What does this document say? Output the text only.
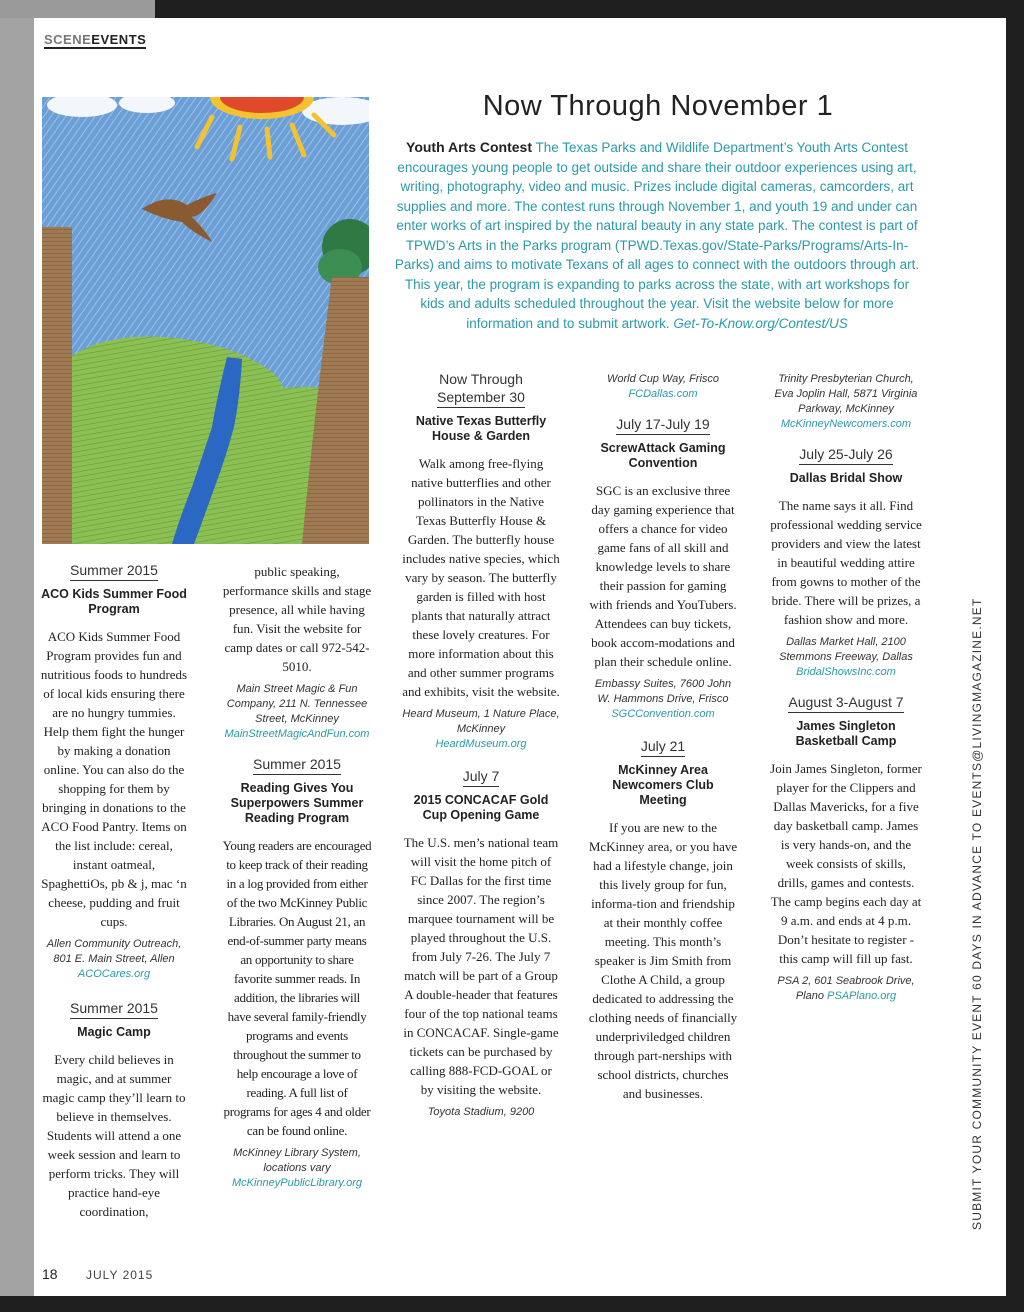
SCENEEVENTS
Now Through November 1
Youth Arts Contest The Texas Parks and Wildlife Department’s Youth Arts Contest encourages young people to get outside and share their outdoor experiences using art, writing, photography, video and music. Prizes include digital cameras, camcorders, art supplies and more. The contest runs through November 1, and youth 19 and under can enter works of art inspired by the natural beauty in any state park. The contest is part of TPWD’s Arts in the Parks program (TPWD.Texas.gov/State-Parks/Programs/Arts-In-Parks) and aims to motivate Texans of all ages to connect with the outdoors through art. This year, the program is expanding to parks across the state, with art workshops for kids and adults scheduled throughout the year. Visit the website below for more information and to submit artwork. Get-To-Know.org/Contest/US
Summer 2015
ACO Kids Summer Food Program
ACO Kids Summer Food Program provides fun and nutritious foods to hundreds of local kids ensuring there are no hungry tummies. Help them fight the hunger by making a donation online. You can also do the shopping for them by bringing in donations to the ACO Food Pantry. Items on the list include: cereal, instant oatmeal, SpaghettiOs, pb & j, mac ‘n cheese, pudding and fruit cups.
Allen Community Outreach, 801 E. Main Street, Allen ACOCares.org
Summer 2015
Magic Camp
Every child believes in magic, and at summer magic camp they’ll learn to believe in themselves. Students will attend a one week session and learn to perform tricks. They will practice hand-eye coordination,
public speaking, performance skills and stage presence, all while having fun. Visit the website for camp dates or call 972-542-5010.
Main Street Magic & Fun Company, 211 N. Tennessee Street, McKinney
MainStreetMagicAndFun.com
Summer 2015
Reading Gives You Superpowers Summer Reading Program
Young readers are encouraged to keep track of their reading in a log provided from either of the two McKinney Public Libraries. On August 21, an end-of-summer party means an opportunity to share favorite summer reads. In addition, the libraries will have several family-friendly programs and events throughout the summer to help encourage a love of reading. A full list of programs for ages 4 and older can be found online.
McKinney Library System, locations vary
McKinneyPublicLibrary.org
Now Through
September 30
Native Texas Butterfly House & Garden
Walk among free-flying native butterflies and other pollinators in the Native Texas Butterfly House & Garden. The butterfly house includes native species, which vary by season. The butterfly garden is filled with host plants that naturally attract these lovely creatures. For more information about this and other summer programs and exhibits, visit the website.
Heard Museum, 1 Nature Place, McKinney
HeardMuseum.org
July 7
2015 CONCACAF Gold Cup Opening Game
The U.S. men’s national team will visit the home pitch of FC Dallas for the first time since 2007. The region’s marquee tournament will be played throughout the U.S. from July 7-26. The July 7 match will be part of a Group A double-header that features four of the top national teams in CONCACAF. Single-game tickets can be purchased by calling 888-FCD-GOAL or by visiting the website.
Toyota Stadium, 9200
World Cup Way, Frisco
FCDallas.com
July 17-July 19
ScrewAttack Gaming Convention
SGC is an exclusive three day gaming experience that offers a chance for video game fans of all skill and knowledge levels to share their passion for gaming with friends and YouTubers. Attendees can buy tickets, book accom-modations and plan their schedule online.
Embassy Suites, 7600 John W. Hammons Drive, Frisco
SGCConvention.com
July 21
McKinney Area Newcomers Club Meeting
If you are new to the McKinney area, or you have had a lifestyle change, join this lively group for fun, informa-tion and friendship at their monthly coffee meeting. This month’s speaker is Jim Smith from Clothe A Child, a group dedicated to addressing the clothing needs of financially underpriviledged children through part-nerships with school districts, churches and businesses.
Trinity Presbyterian Church, Eva Joplin Hall, 5871 Virginia Parkway, McKinney
McKinneyNewcomers.com
July 25-July 26
Dallas Bridal Show
The name says it all. Find professional wedding service providers and view the latest in beautiful wedding attire from gowns to mother of the bride. There will be prizes, a fashion show and more.
Dallas Market Hall, 2100 Stemmons Freeway, Dallas
BridalShowsInc.com
August 3-August 7
James Singleton Basketball Camp
Join James Singleton, former player for the Clippers and Dallas Mavericks, for a five day basketball camp. James is very hands-on, and the week consists of skills, drills, games and contests. The camp begins each day at 9 a.m. and ends at 4 p.m. Don’t hesitate to register - this camp will fill up fast.
PSA 2, 601 Seabrook Drive, Plano PSAPlano.org	SUBMIT YOUR COMMUNITY EVENT 60 DAYS IN ADVANCE TO EVENTS@LIVINGMAGAZINE.NET
18 JULY 2015
